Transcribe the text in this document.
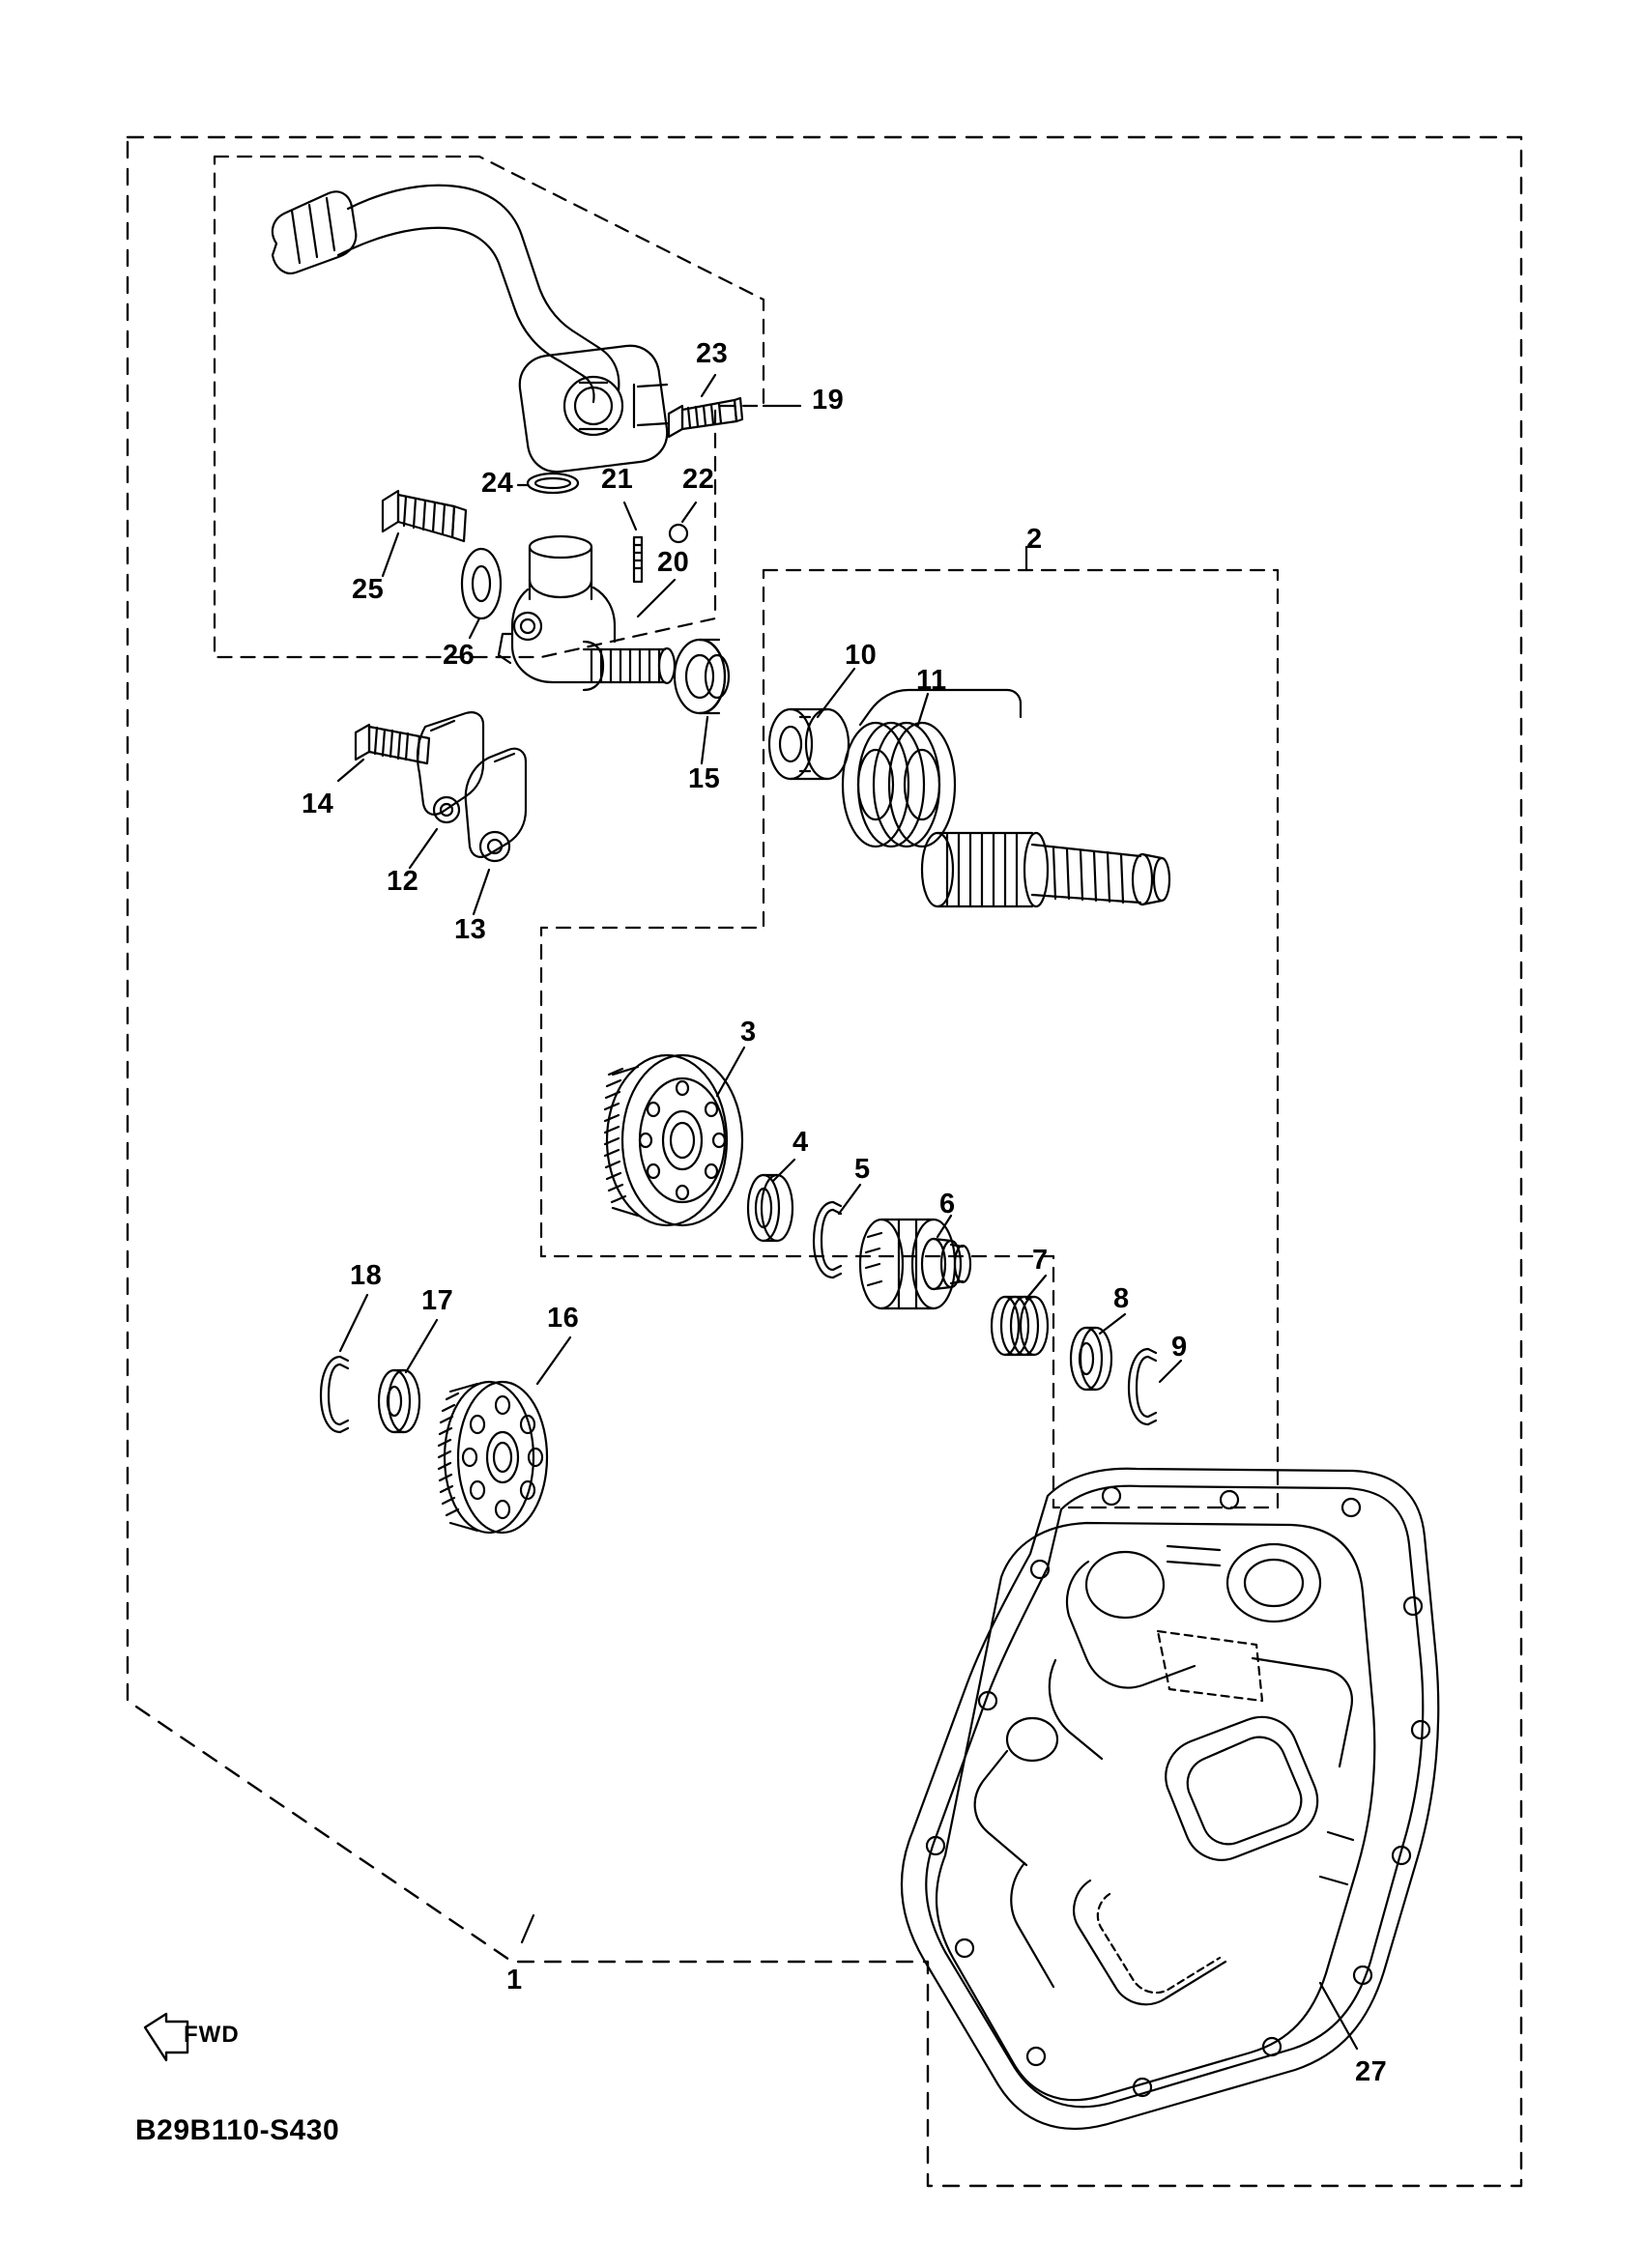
1
2
3
4
5
6
7
8
9
10
11
12
13
14
15
16
17
18
19
20
21 22
23
24
25
26
27
FWD
B29B110-S430
